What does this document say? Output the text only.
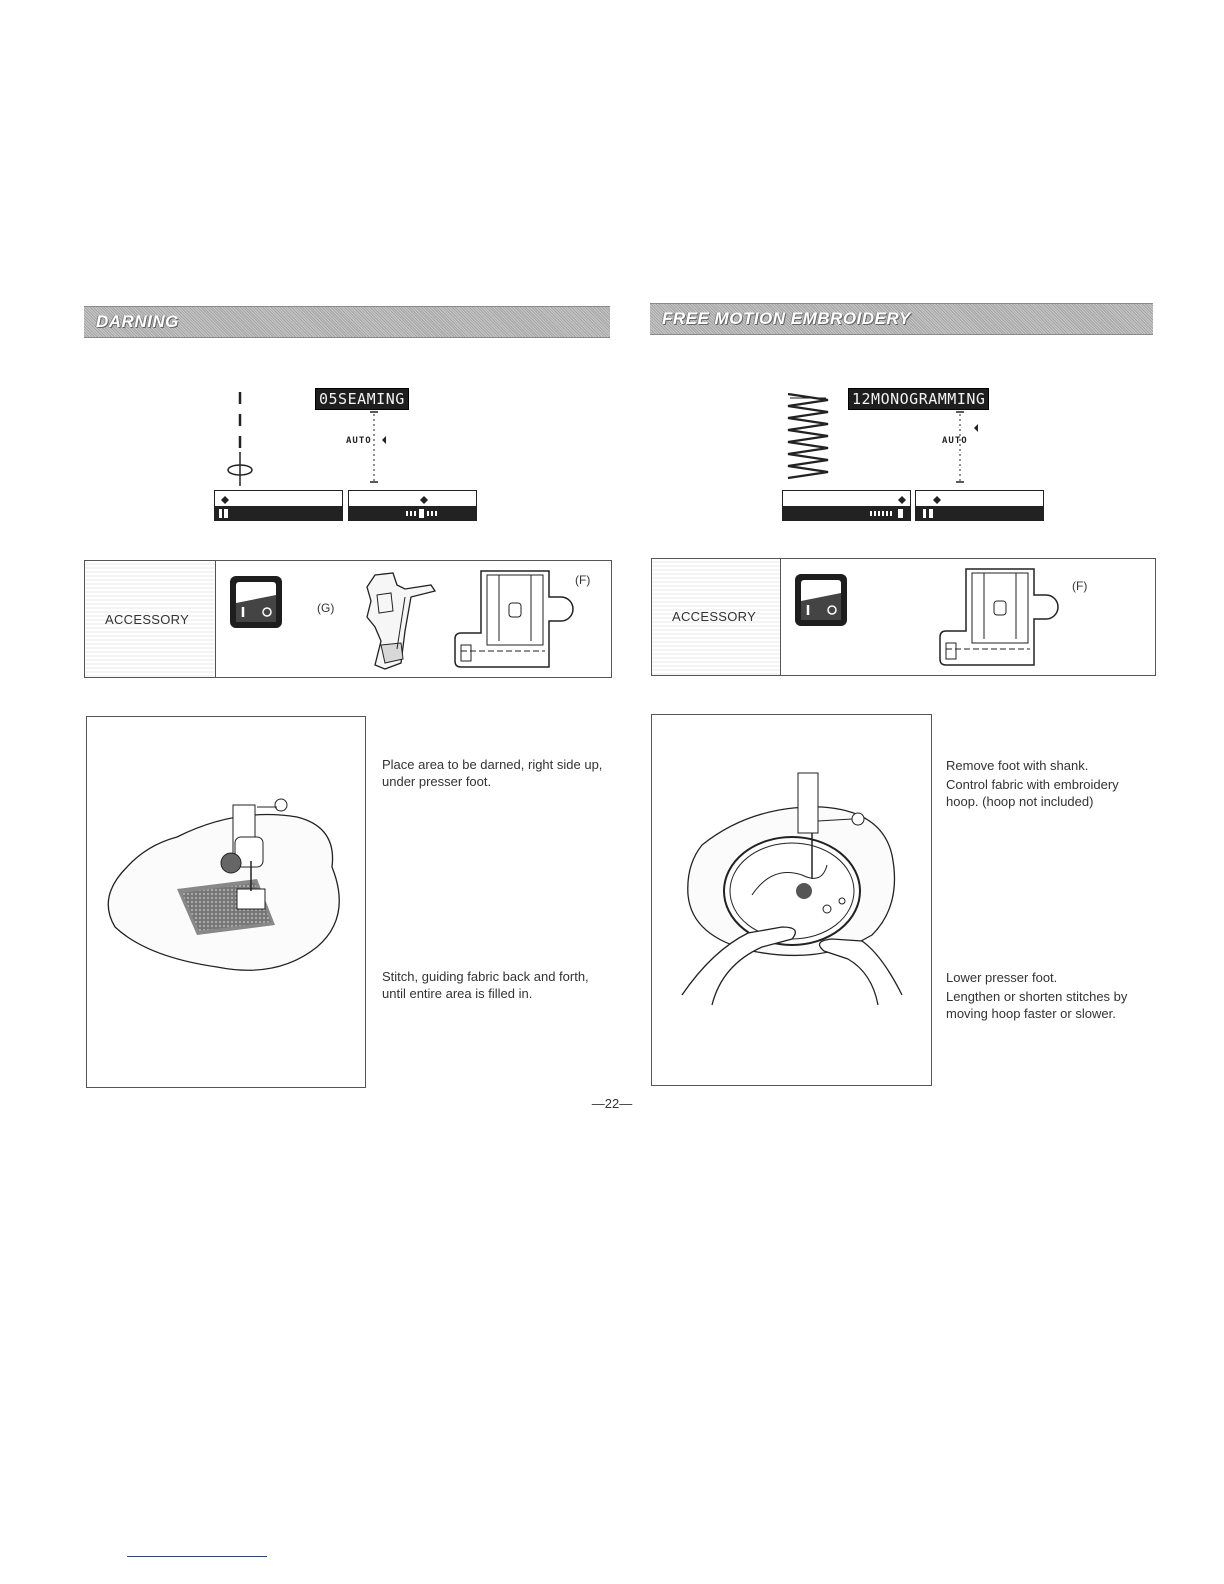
DARNING
05SEAMING
AUTO
ACCESSORY
(G)
(F)

Place area to be darned, right side up, under presser foot.

Stitch, guiding fabric back and forth, until entire area is filled in.

FREE MOTION EMBROIDERY
12MONOGRAMMING
AUTO
ACCESSORY
(F)

Remove foot with shank.

Control fabric with embroidery hoop. (hoop not included)

Lower presser foot.

Lengthen or shorten stitches by moving hoop faster or slower.

—22—
